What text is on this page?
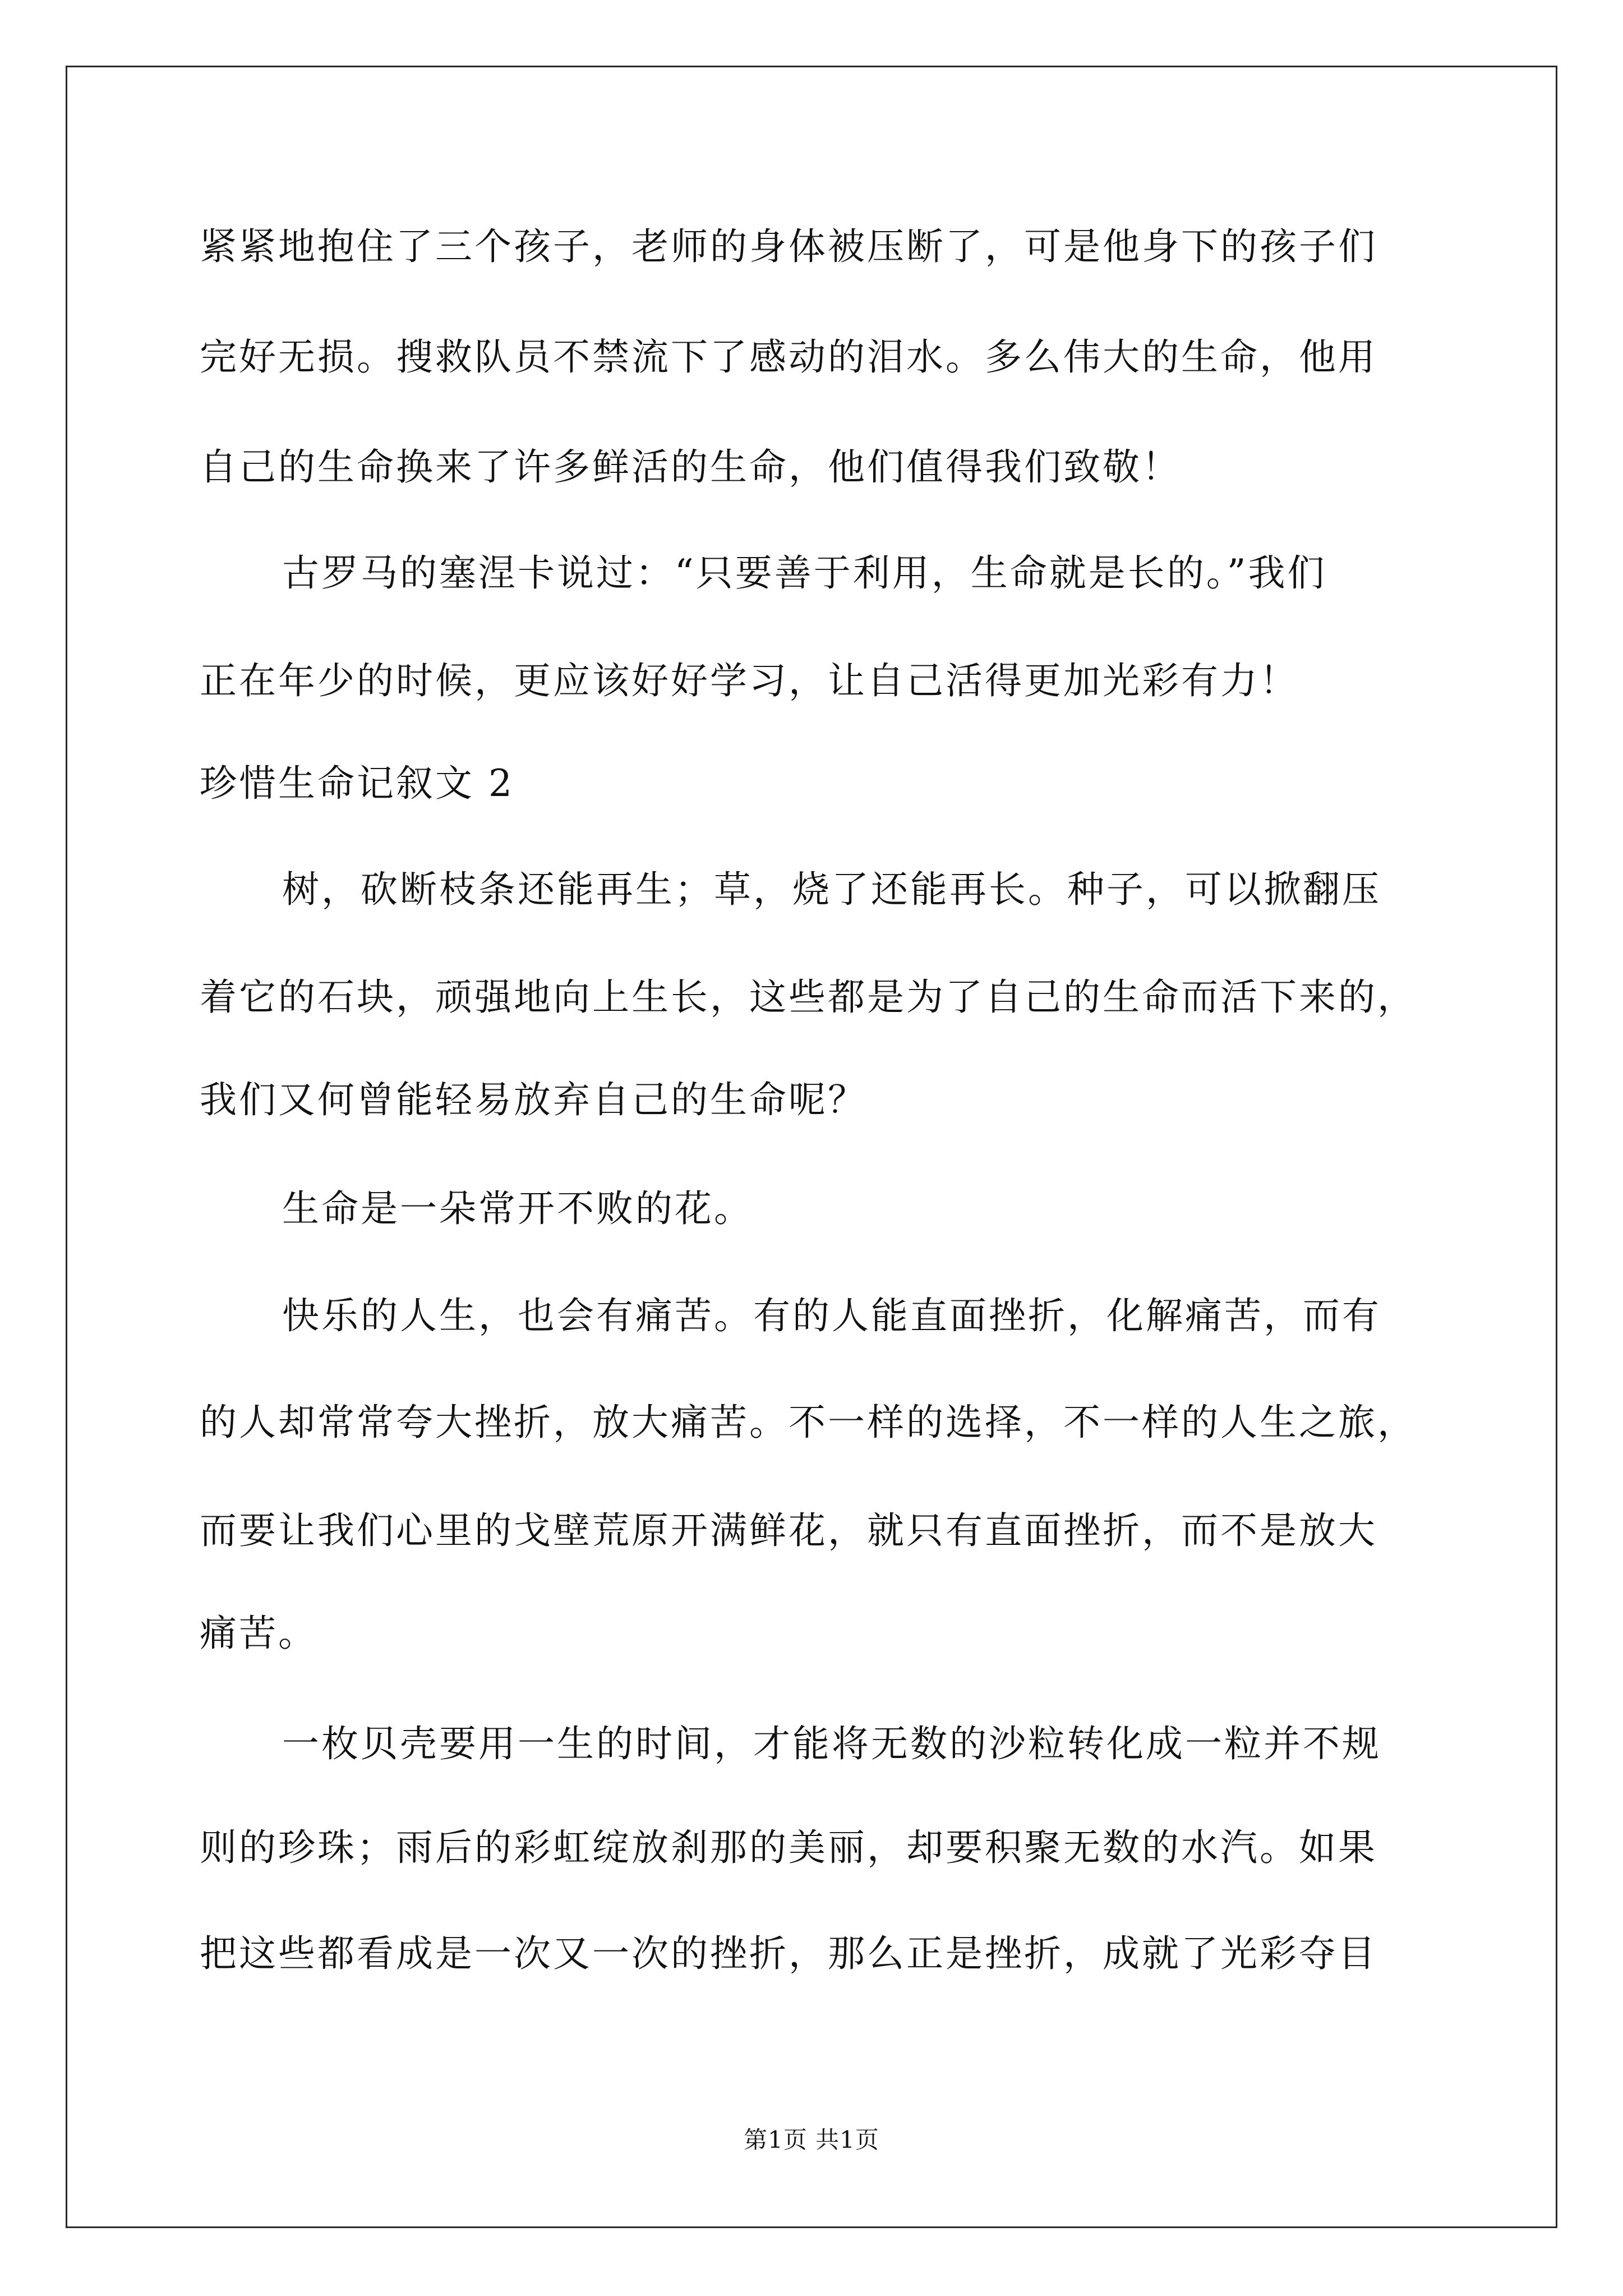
紧紧地抱住了三个孩子，老师的身体被压断了，可是他身下的孩子们
完好无损。搜救队员不禁流下了感动的泪水。多么伟大的生命，他用
自己的生命换来了许多鲜活的生命，他们值得我们致敬！
古罗马的塞涅卡说过：“只要善于利用，生命就是长的。”我们
正在年少的时候，更应该好好学习，让自己活得更加光彩有力！
珍惜生命记叙文 2
树，砍断枝条还能再生；草，烧了还能再长。种子，可以掀翻压
着它的石块，顽强地向上生长，这些都是为了自己的生命而活下来的，
我们又何曾能轻易放弃自己的生命呢？
生命是一朵常开不败的花。
快乐的人生，也会有痛苦。有的人能直面挫折，化解痛苦，而有
的人却常常夸大挫折，放大痛苦。不一样的选择，不一样的人生之旅，
而要让我们心里的戈壁荒原开满鲜花，就只有直面挫折，而不是放大
痛苦。
一枚贝壳要用一生的时间，才能将无数的沙粒转化成一粒并不规
则的珍珠；雨后的彩虹绽放刹那的美丽，却要积聚无数的水汽。如果
把这些都看成是一次又一次的挫折，那么正是挫折，成就了光彩夺目
第1页 共1页
